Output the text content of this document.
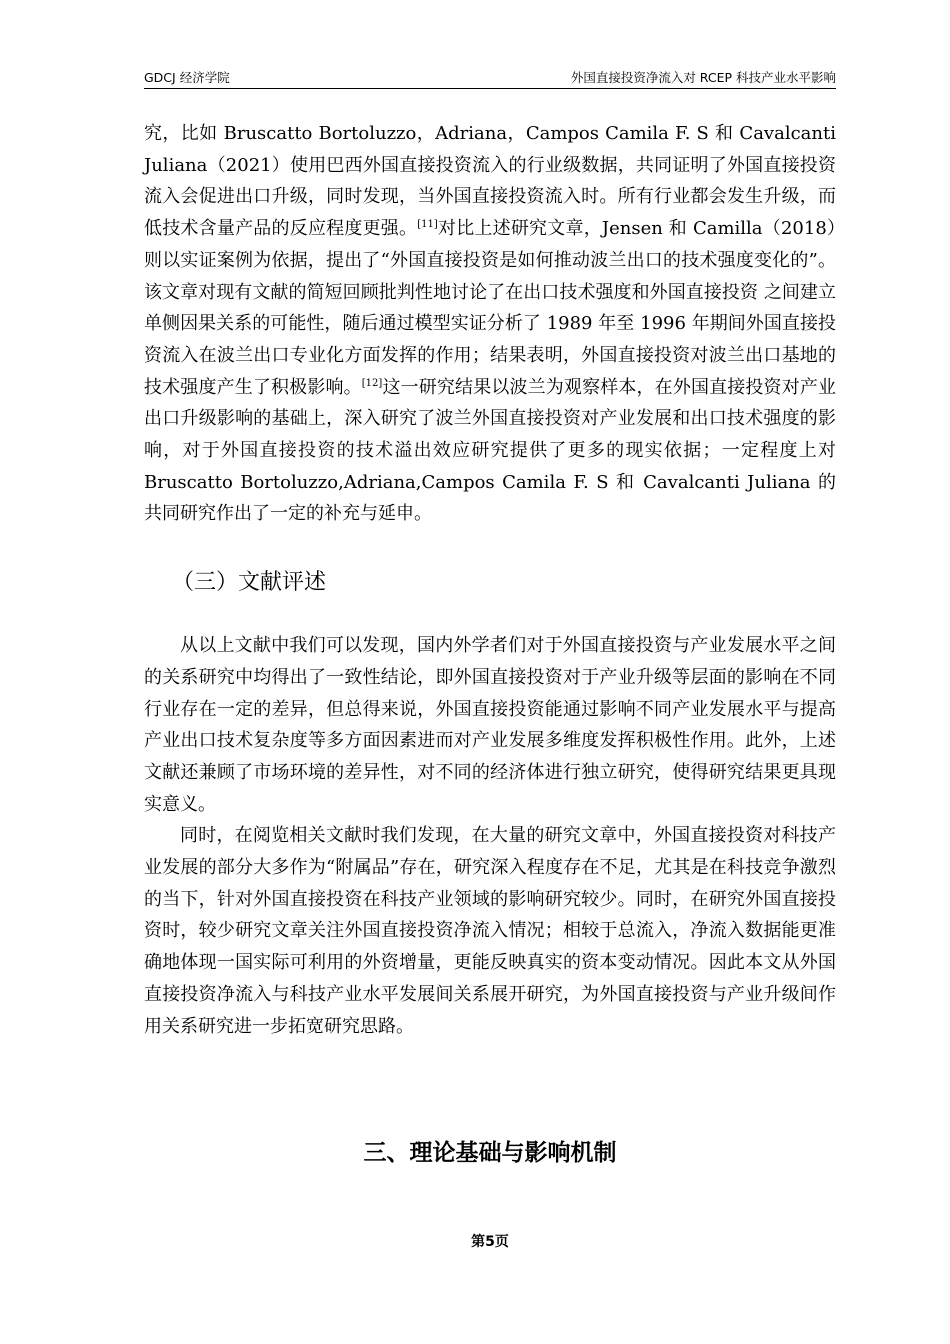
GDCJ 经济学院	外国直接投资净流入对 RCEP 科技产业水平影响

究，比如 Bruscatto Bortoluzzo，Adriana，Campos Camila F. S 和 Cavalcanti Juliana（2021）使用巴西外国直接投资流入的行业级数据，共同证明了外国直接投资流入会促进出口升级，同时发现，当外国直接投资流入时。所有行业都会发生升级，而低技术含量产品的反应程度更强。[11]对比上述研究文章，Jensen 和 Camilla（2018）则以实证案例为依据，提出了“外国直接投资是如何推动波兰出口的技术强度变化的”。该文章对现有文献的简短回顾批判性地讨论了在出口技术强度和外国直接投资 之间建立单侧因果关系的可能性，随后通过模型实证分析了 1989 年至 1996 年期间外国直接投资流入在波兰出口专业化方面发挥的作用；结果表明，外国直接投资对波兰出口基地的技术强度产生了积极影响。[12]这一研究结果以波兰为观察样本，在外国直接投资对产业出口升级影响的基础上，深入研究了波兰外国直接投资对产业发展和出口技术强度的影响，对于外国直接投资的技术溢出效应研究提供了更多的现实依据；一定程度上对 Bruscatto Bortoluzzo,Adriana,Campos Camila F. S 和 Cavalcanti Juliana 的共同研究作出了一定的补充与延申。

（三）文献评述

从以上文献中我们可以发现，国内外学者们对于外国直接投资与产业发展水平之间的关系研究中均得出了一致性结论，即外国直接投资对于产业升级等层面的影响在不同行业存在一定的差异，但总得来说，外国直接投资能通过影响不同产业发展水平与提高产业出口技术复杂度等多方面因素进而对产业发展多维度发挥积极性作用。此外，上述文献还兼顾了市场环境的差异性，对不同的经济体进行独立研究，使得研究结果更具现实意义。

同时，在阅览相关文献时我们发现，在大量的研究文章中，外国直接投资对科技产业发展的部分大多作为“附属品”存在，研究深入程度存在不足，尤其是在科技竞争激烈的当下，针对外国直接投资在科技产业领域的影响研究较少。同时，在研究外国直接投资时，较少研究文章关注外国直接投资净流入情况；相较于总流入，净流入数据能更准确地体现一国实际可利用的外资增量，更能反映真实的资本变动情况。因此本文从外国直接投资净流入与科技产业水平发展间关系展开研究，为外国直接投资与产业升级间作用关系研究进一步拓宽研究思路。

三、理论基础与影响机制
第5页
